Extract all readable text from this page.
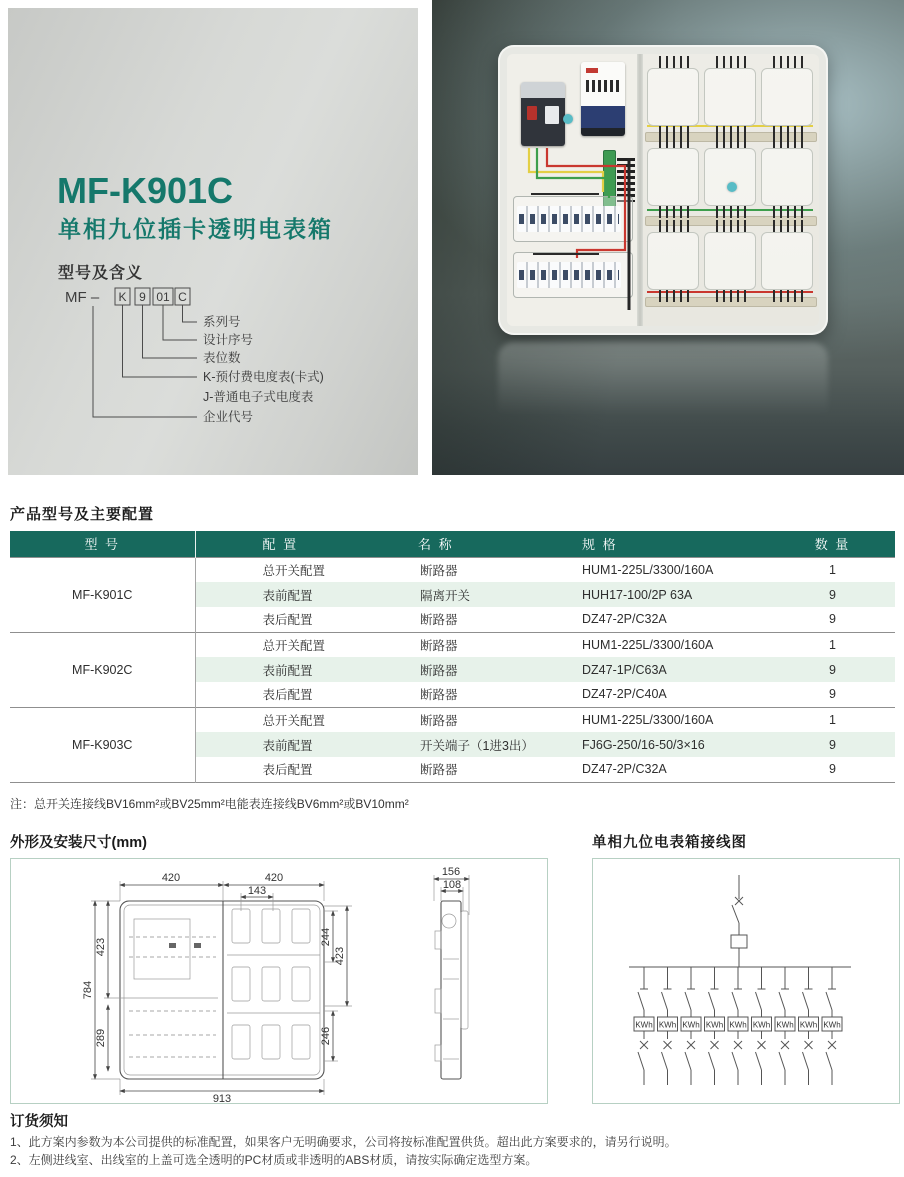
MF-K901C
单相九位插卡透明电表箱
型号及含义
MF – K 9 01 C
系列号
设计序号
表位数
K-预付费电度表(卡式)
J-普通电子式电度表
企业代号
产品型号及主要配置
型 号	配 置	名 称	规 格	数 量
MF-K901C	总开关配置	断路器	HUM1-225L/3300/160A	1
	表前配置	隔离开关	HUH17-100/2P 63A	9
	表后配置	断路器	DZ47-2P/C32A	9
MF-K902C	总开关配置	断路器	HUM1-225L/3300/160A	1
	表前配置	断路器	DZ47-1P/C63A	9
	表后配置	断路器	DZ47-2P/C40A	9
MF-K903C	总开关配置	断路器	HUM1-225L/3300/160A	1
	表前配置	开关端子（1进3出）	FJ6G-250/16-50/3×16	9
	表后配置	断路器	DZ47-2P/C32A	9
注：总开关连接线BV16mm²或BV25mm²电能表连接线BV6mm²或BV10mm²
外形及安装尺寸(mm)	单相九位电表箱接线图
420	420
143
784
423
289
244
423
246
913
156
108
KWh KWh KWh KWh KWh KWh KWh KWh KWh
订货须知
1、此方案内参数为本公司提供的标准配置，如果客户无明确要求，公司将按标准配置供货。超出此方案要求的，请另行说明。
2、左侧进线室、出线室的上盖可选全透明的PC材质或非透明的ABS材质，请按实际确定选型方案。
